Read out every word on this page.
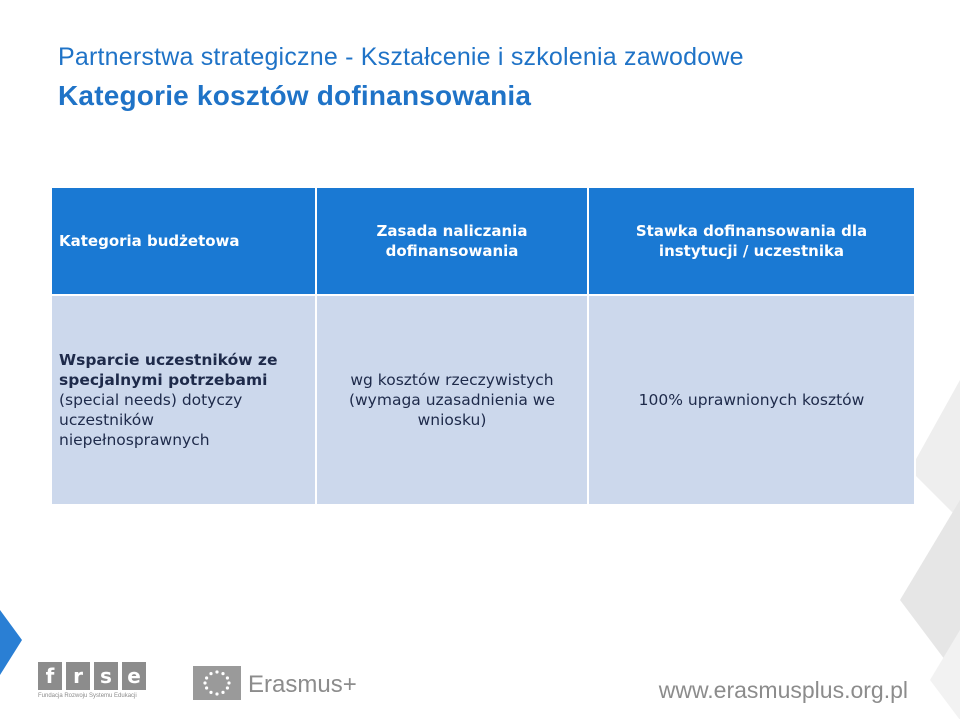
Partnerstwa strategiczne - Kształcenie i szkolenia zawodowe
Kategorie kosztów dofinansowania
Kategoria budżetowa	Zasada naliczania dofinansowania	Stawka dofinansowania dla instytucji / uczestnika

Wsparcie uczestników ze specjalnymi potrzebami
(special needs) dotyczy uczestników niepełnosprawnych	wg kosztów rzeczywistych (wymaga uzasadnienia we wniosku)	100% uprawnionych kosztów
f r s e
Fundacja Rozwoju Systemu Edukacji	Erasmus+	www.erasmusplus.org.pl
